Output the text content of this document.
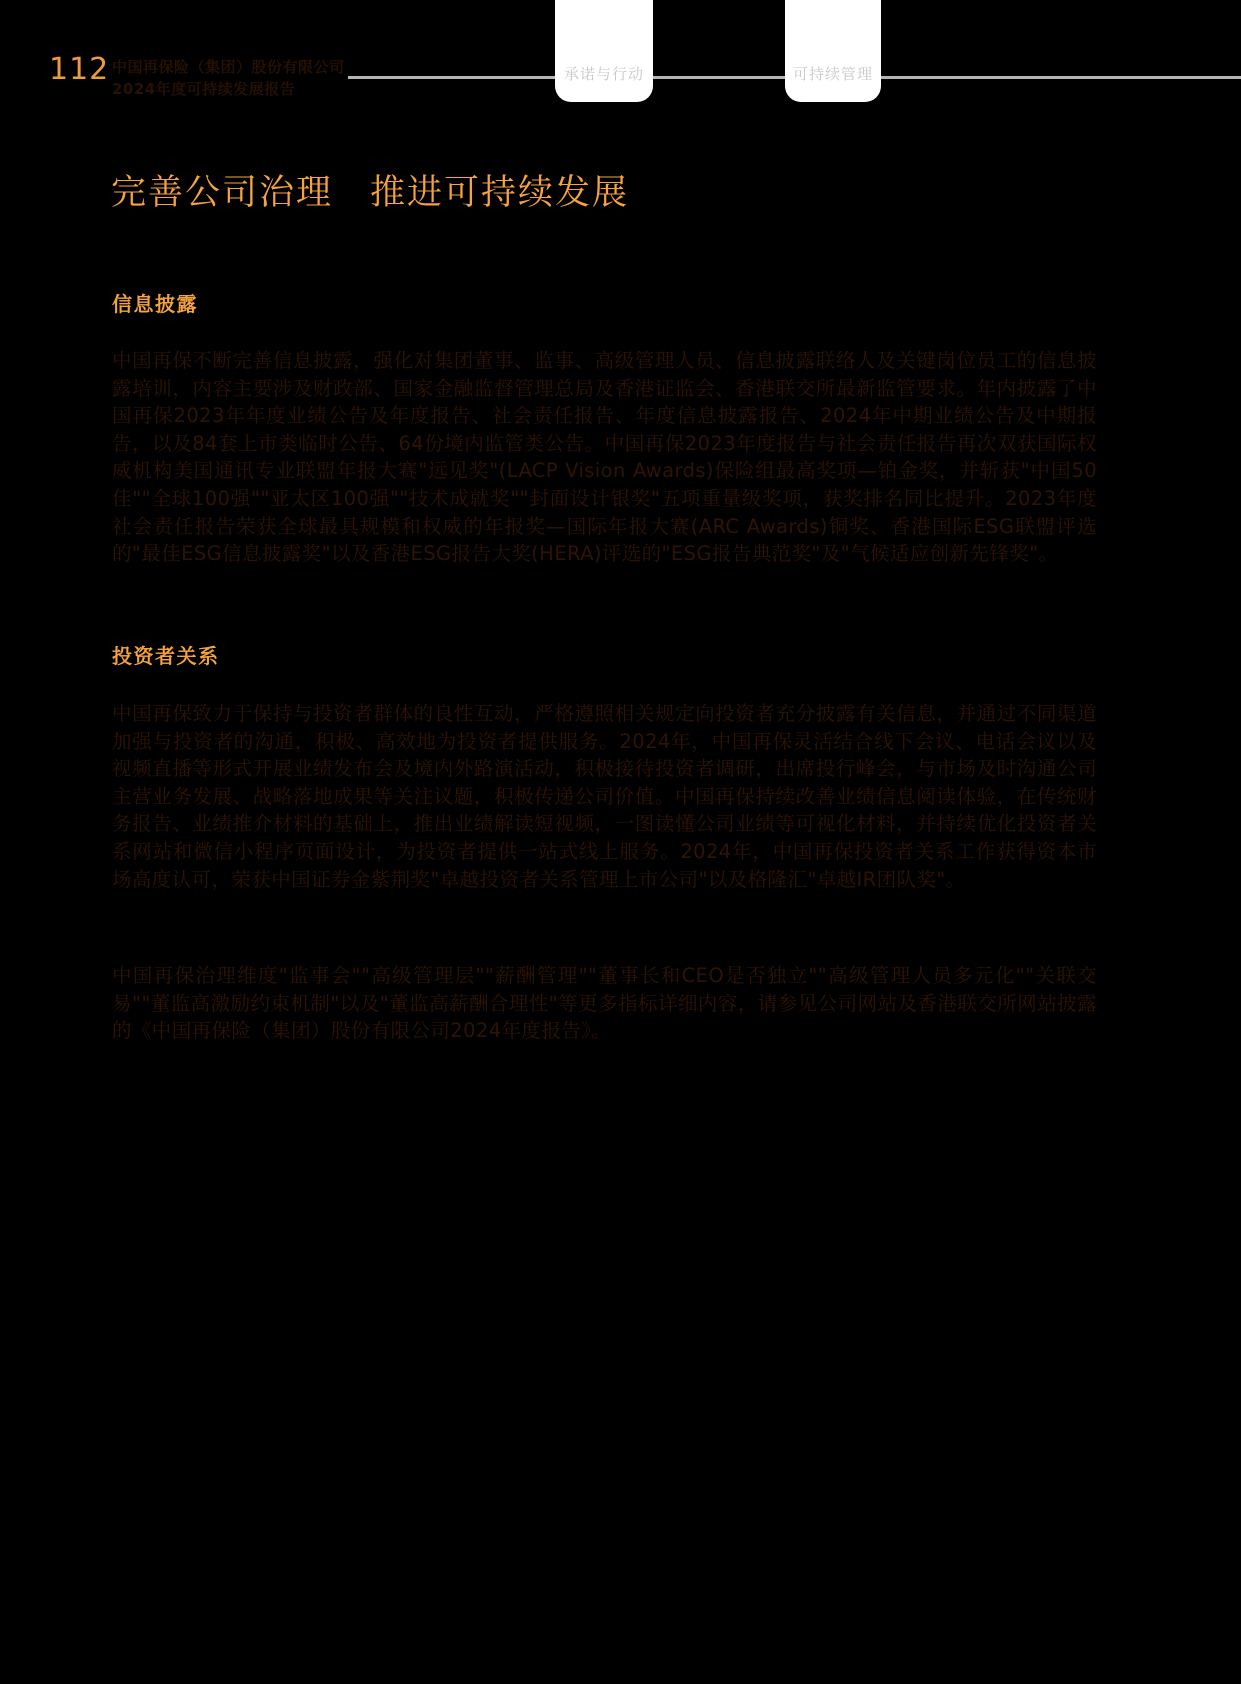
112 中国再保险（集团）股份有限公司
2024年度可持续发展报告
承诺与行动	可持续管理
完善公司治理　推进可持续发展
信息披露
中国再保不断完善信息披露，强化对集团董事、监事、高级管理人员、信息披露联络人及关键岗位员工的信息披露培训，内容主要涉及财政部、国家金融监督管理总局及香港证监会、香港联交所最新监管要求。年内披露了中国再保2023年年度业绩公告及年度报告、社会责任报告、年度信息披露报告、2024年中期业绩公告及中期报告，以及84套上市类临时公告、64份境内监管类公告。中国再保2023年度报告与社会责任报告再次双获国际权威机构美国通讯专业联盟年报大赛"远见奖"(LACP Vision Awards)保险组最高奖项—铂金奖，并斩获"中国50佳""全球100强""亚太区100强""技术成就奖""封面设计银奖"五项重量级奖项，获奖排名同比提升。2023年度社会责任报告荣获全球最具规模和权威的年报奖—国际年报大赛(ARC Awards)铜奖、香港国际ESG联盟评选的"最佳ESG信息披露奖"以及香港ESG报告大奖(HERA)评选的"ESG报告典范奖"及"气候适应创新先锋奖"。
投资者关系
中国再保致力于保持与投资者群体的良性互动，严格遵照相关规定向投资者充分披露有关信息，并通过不同渠道加强与投资者的沟通，积极、高效地为投资者提供服务。2024年，中国再保灵活结合线下会议、电话会议以及视频直播等形式开展业绩发布会及境内外路演活动，积极接待投资者调研，出席投行峰会，与市场及时沟通公司主营业务发展、战略落地成果等关注议题，积极传递公司价值。中国再保持续改善业绩信息阅读体验，在传统财务报告、业绩推介材料的基础上，推出业绩解读短视频，一图读懂公司业绩等可视化材料，并持续优化投资者关系网站和微信小程序页面设计，为投资者提供一站式线上服务。2024年，中国再保投资者关系工作获得资本市场高度认可，荣获中国证券金紫荆奖"卓越投资者关系管理上市公司"以及格隆汇"卓越IR团队奖"。
中国再保治理维度"监事会""高级管理层""薪酬管理""董事长和CEO是否独立""高级管理人员多元化""关联交易""董监高激励约束机制"以及"董监高薪酬合理性"等更多指标详细内容，请参见公司网站及香港联交所网站披露的《中国再保险（集团）股份有限公司2024年度报告》。
